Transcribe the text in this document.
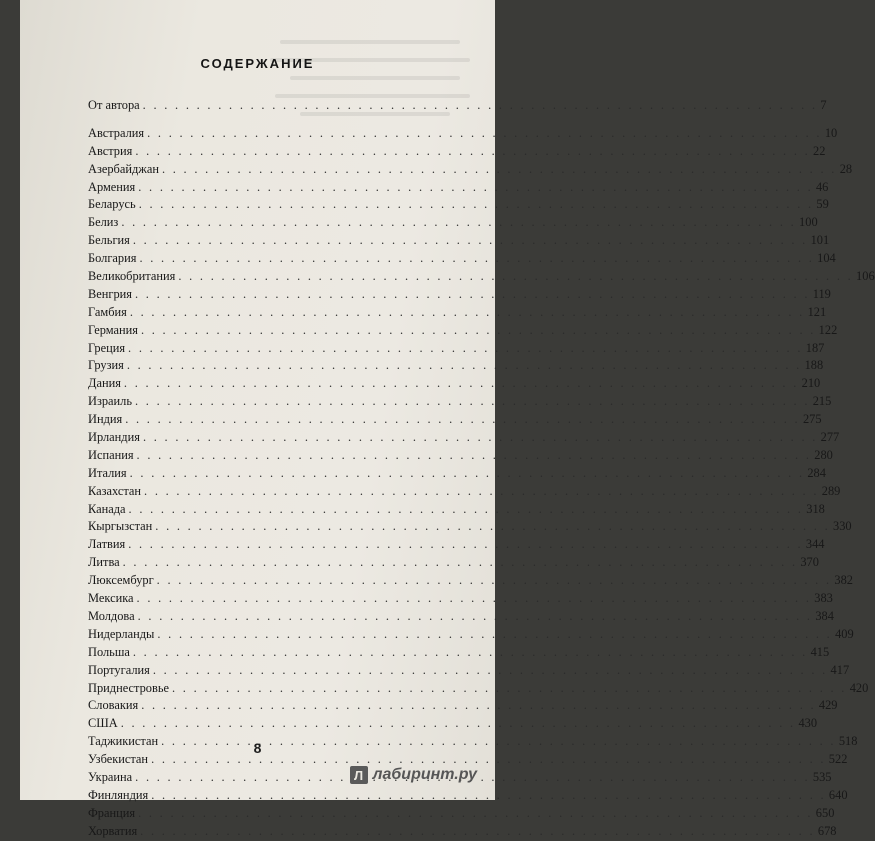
СОДЕРЖАНИЕ
От автора . . .	7
Австралия . . .	10
Австрия . . .	22
Азербайджан . . .	28
Армения . . .	46
Беларусь . . .	59
Белиз . . .	100
Бельгия . . .	101
Болгария . . .	104
Великобритания . . .	106
Венгрия . . .	119
Гамбия . . .	121
Германия . . .	122
Греция . . .	187
Грузия . . .	188
Дания . . .	210
Израиль . . .	215
Индия . . .	275
Ирландия . . .	277
Испания . . .	280
Италия . . .	284
Казахстан . . .	289
Канада . . .	318
Кыргызстан . . .	330
Латвия . . .	344
Литва . . .	370
Люксембург . . .	382
Мексика . . .	383
Молдова . . .	384
Нидерланды . . .	409
Польша . . .	415
Португалия . . .	417
Приднестровье . . .	420
Словакия . . .	429
США . . .	430
Таджикистан . . .	518
Узбекистан . . .	522
Украина . . .	535
Финляндия . . .	640
Франция . . .	650
Хорватия . . .	678
8
Л лабиринт.ру
